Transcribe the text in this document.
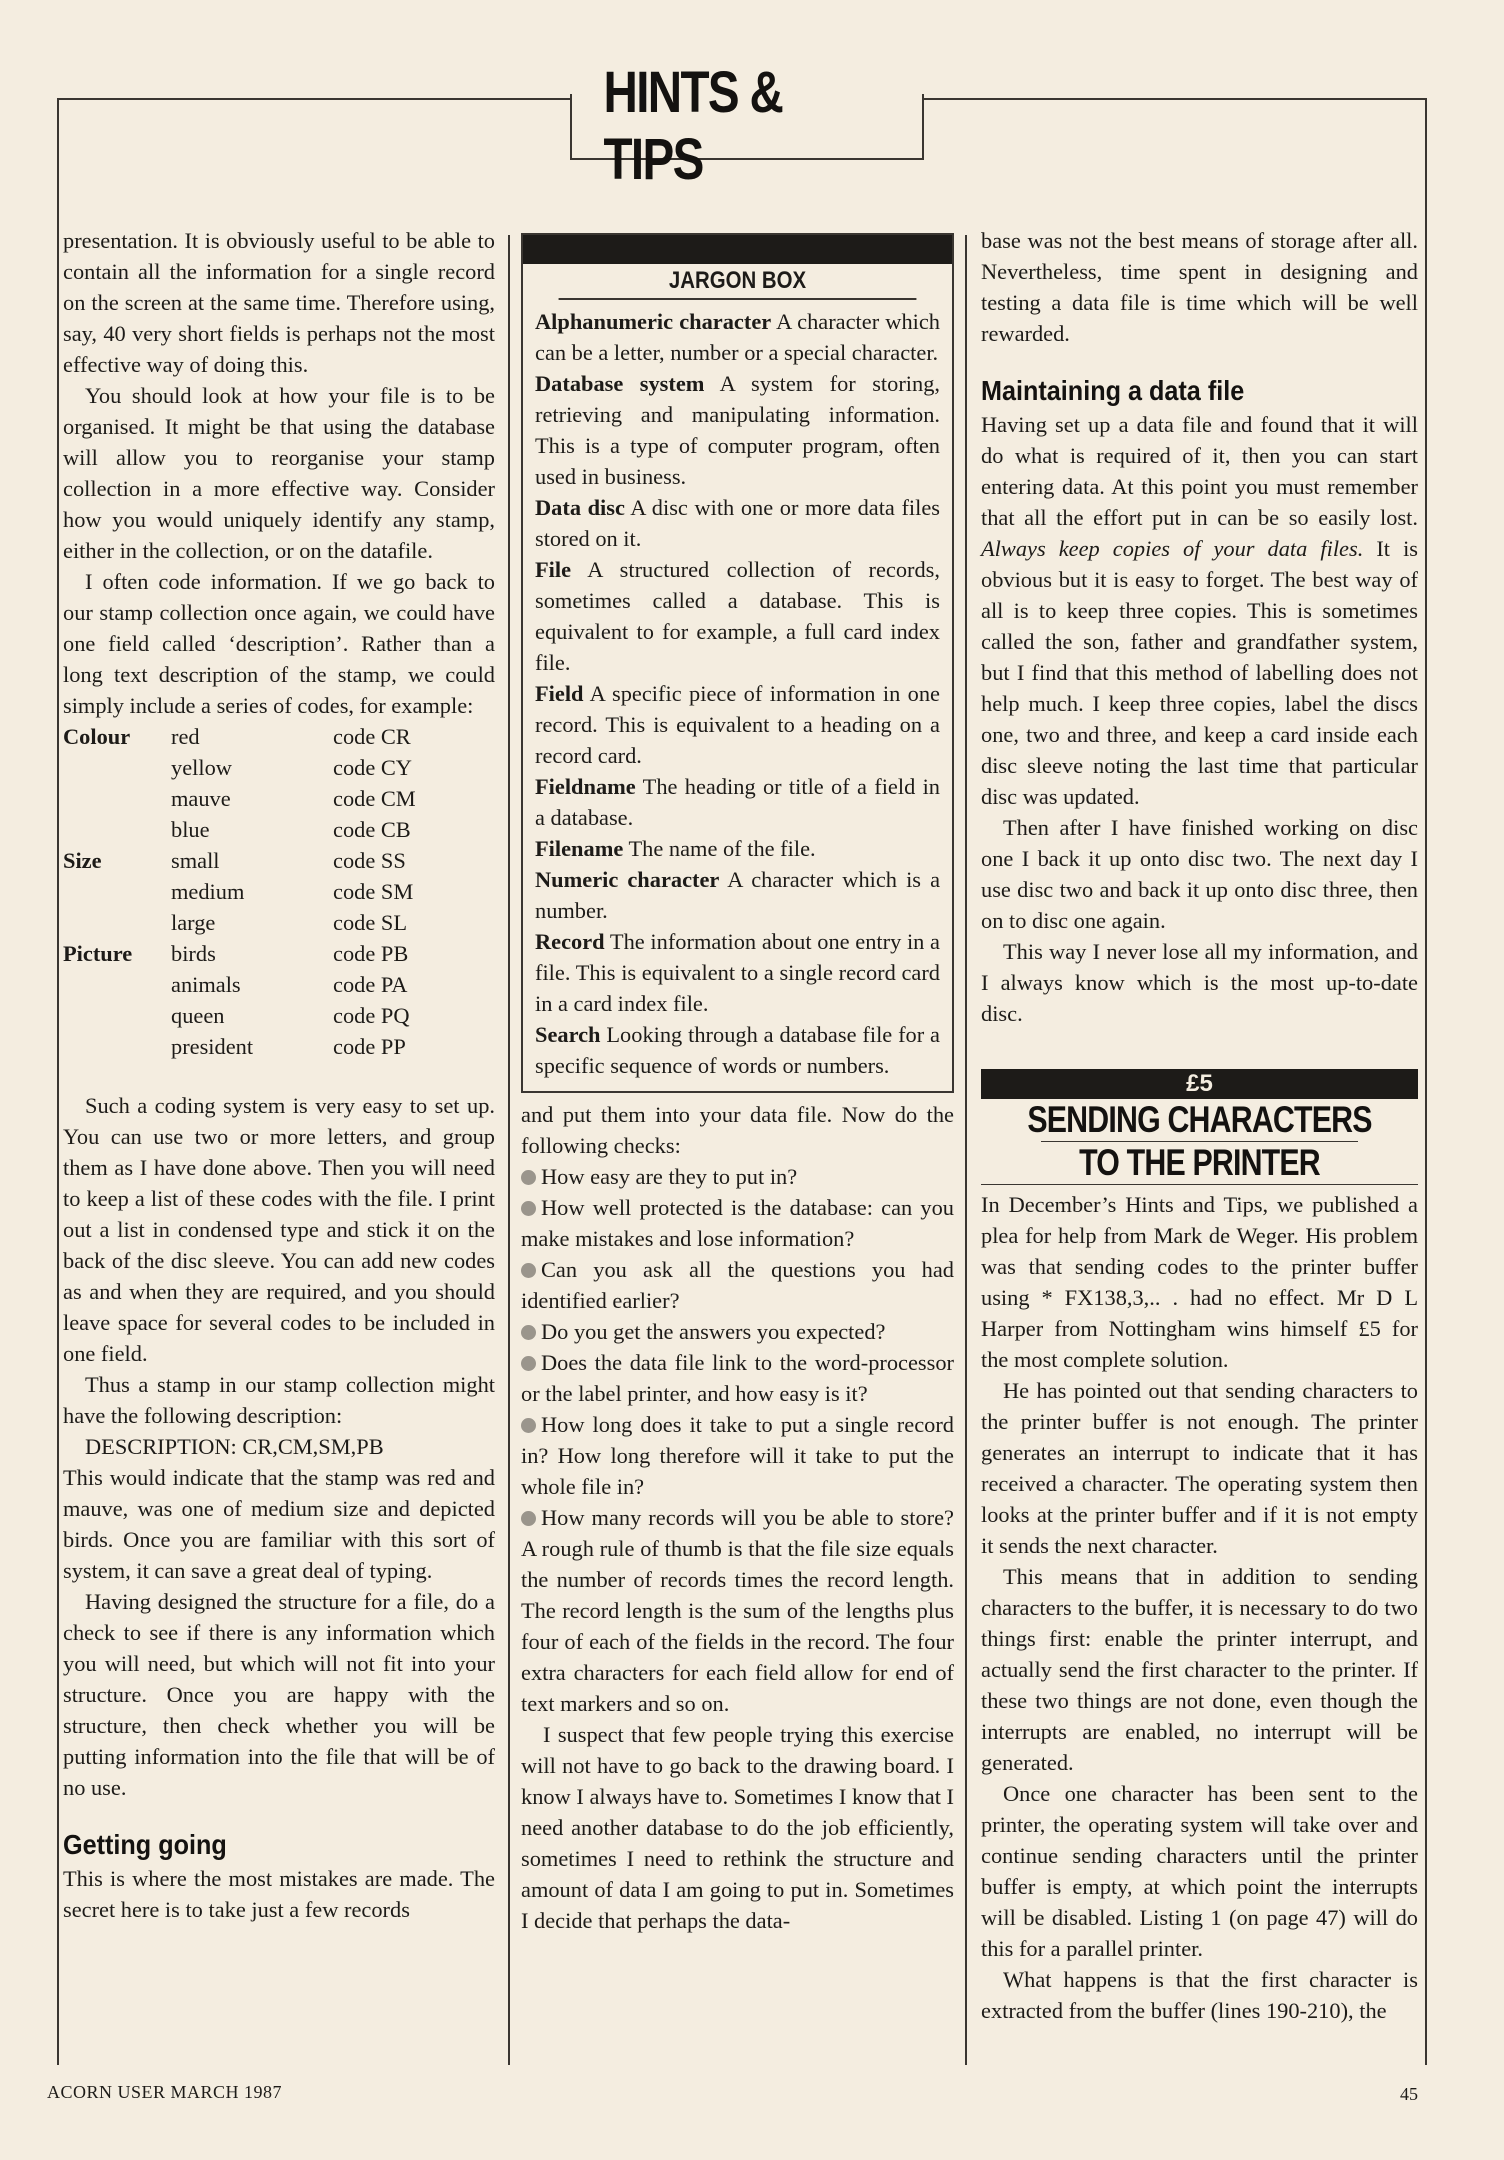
HINTS & TIPS

presentation. It is obviously useful to be able to contain all the information for a single record on the screen at the same time. Therefore using, say, 40 very short fields is perhaps not the most effective way of doing this.

You should look at how your file is to be organised. It might be that using the database will allow you to reorganise your stamp collection in a more effective way. Consider how you would uniquely identify any stamp, either in the collection, or on the datafile.

I often code information. If we go back to our stamp collection once again, we could have one field called ‘description’. Rather than a long text description of the stamp, we could simply include a series of codes, for example:

Colour	red	code CR
yellow	code CY
mauve	code CM
blue	code CB
Size	small	code SS
medium	code SM
large	code SL
Picture	birds	code PB
animals	code PA
queen	code PQ
president	code PP

Such a coding system is very easy to set up. You can use two or more letters, and group them as I have done above. Then you will need to keep a list of these codes with the file. I print out a list in condensed type and stick it on the back of the disc sleeve. You can add new codes as and when they are required, and you should leave space for several codes to be included in one field.

Thus a stamp in our stamp collection might have the following description:

DESCRIPTION: CR,CM,SM,PB

This would indicate that the stamp was red and mauve, was one of medium size and depicted birds. Once you are familiar with this sort of system, it can save a great deal of typing.

Having designed the structure for a file, do a check to see if there is any information which you will need, but which will not fit into your structure. Once you are happy with the structure, then check whether you will be putting information into the file that will be of no use.

Getting going

This is where the most mistakes are made. The secret here is to take just a few records

JARGON BOX
Alphanumeric character A character which can be a letter, number or a special character.
Database system A system for storing, retrieving and manipulating information. This is a type of computer program, often used in business.
Data disc A disc with one or more data files stored on it.
File A structured collection of records, sometimes called a database. This is equivalent to for example, a full card index file.
Field A specific piece of information in one record. This is equivalent to a heading on a record card.
Fieldname The heading or title of a field in a database.
Filename The name of the file.
Numeric character A character which is a number.
Record The information about one entry in a file. This is equivalent to a single record card in a card index file.
Search Looking through a database file for a specific sequence of words or numbers.

and put them into your data file. Now do the following checks:

How easy are they to put in?

How well protected is the database: can you make mistakes and lose information?

Can you ask all the questions you had identified earlier?

Do you get the answers you expected?

Does the data file link to the word-processor or the label printer, and how easy is it?

How long does it take to put a single record in? How long therefore will it take to put the whole file in?

How many records will you be able to store? A rough rule of thumb is that the file size equals the number of records times the record length. The record length is the sum of the lengths plus four of each of the fields in the record. The four extra characters for each field allow for end of text markers and so on.

I suspect that few people trying this exercise will not have to go back to the drawing board. I know I always have to. Sometimes I know that I need another database to do the job efficiently, sometimes I need to rethink the structure and amount of data I am going to put in. Sometimes I decide that perhaps the data-

base was not the best means of storage after all. Nevertheless, time spent in designing and testing a data file is time which will be well rewarded.

Maintaining a data file

Having set up a data file and found that it will do what is required of it, then you can start entering data. At this point you must remember that all the effort put in can be so easily lost. Always keep copies of your data files. It is obvious but it is easy to forget. The best way of all is to keep three copies. This is sometimes called the son, father and grandfather system, but I find that this method of labelling does not help much. I keep three copies, label the discs one, two and three, and keep a card inside each disc sleeve noting the last time that particular disc was updated.

Then after I have finished working on disc one I back it up onto disc two. The next day I use disc two and back it up onto disc three, then on to disc one again.

This way I never lose all my information, and I always know which is the most up-to-date disc.

£5
SENDING CHARACTERS
TO THE PRINTER

In December’s Hints and Tips, we published a plea for help from Mark de Weger. His problem was that sending codes to the printer buffer using * FX138,3,.. . had no effect. Mr D L Harper from Nottingham wins himself £5 for the most complete solution.

He has pointed out that sending characters to the printer buffer is not enough. The printer generates an interrupt to indicate that it has received a character. The operating system then looks at the printer buffer and if it is not empty it sends the next character.

This means that in addition to sending characters to the buffer, it is necessary to do two things first: enable the printer interrupt, and actually send the first character to the printer. If these two things are not done, even though the interrupts are enabled, no interrupt will be generated.

Once one character has been sent to the printer, the operating system will take over and continue sending characters until the printer buffer is empty, at which point the interrupts will be disabled. Listing 1 (on page 47) will do this for a parallel printer.

What happens is that the first character is extracted from the buffer (lines 190-210), the

ACORN USER MARCH 1987	45
